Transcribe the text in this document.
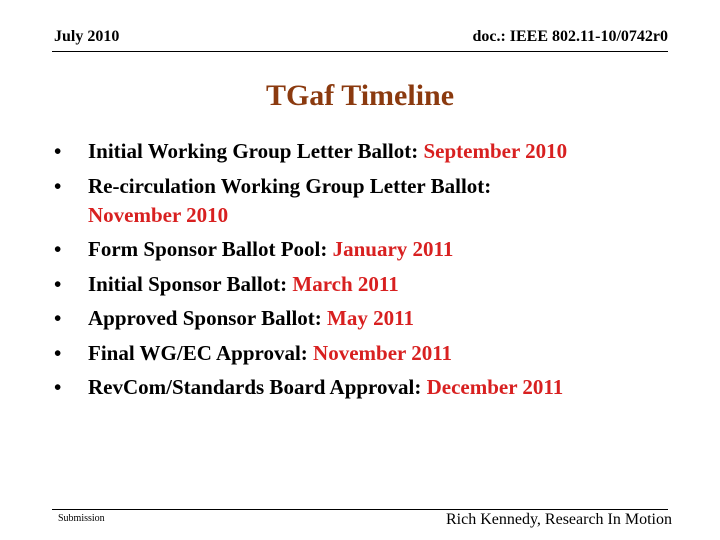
July 2010	doc.: IEEE 802.11-10/0742r0
TGaf Timeline
•	Initial Working Group Letter Ballot: September 2010
•	Re-circulation Working Group Letter Ballot:
November 2010
•	Form Sponsor Ballot Pool: January 2011
•	Initial Sponsor Ballot: March 2011
•	Approved Sponsor Ballot: May 2011
•	Final WG/EC Approval: November 2011
•	RevCom/Standards Board Approval: December 2011
Submission	Rich Kennedy, Research In Motion
